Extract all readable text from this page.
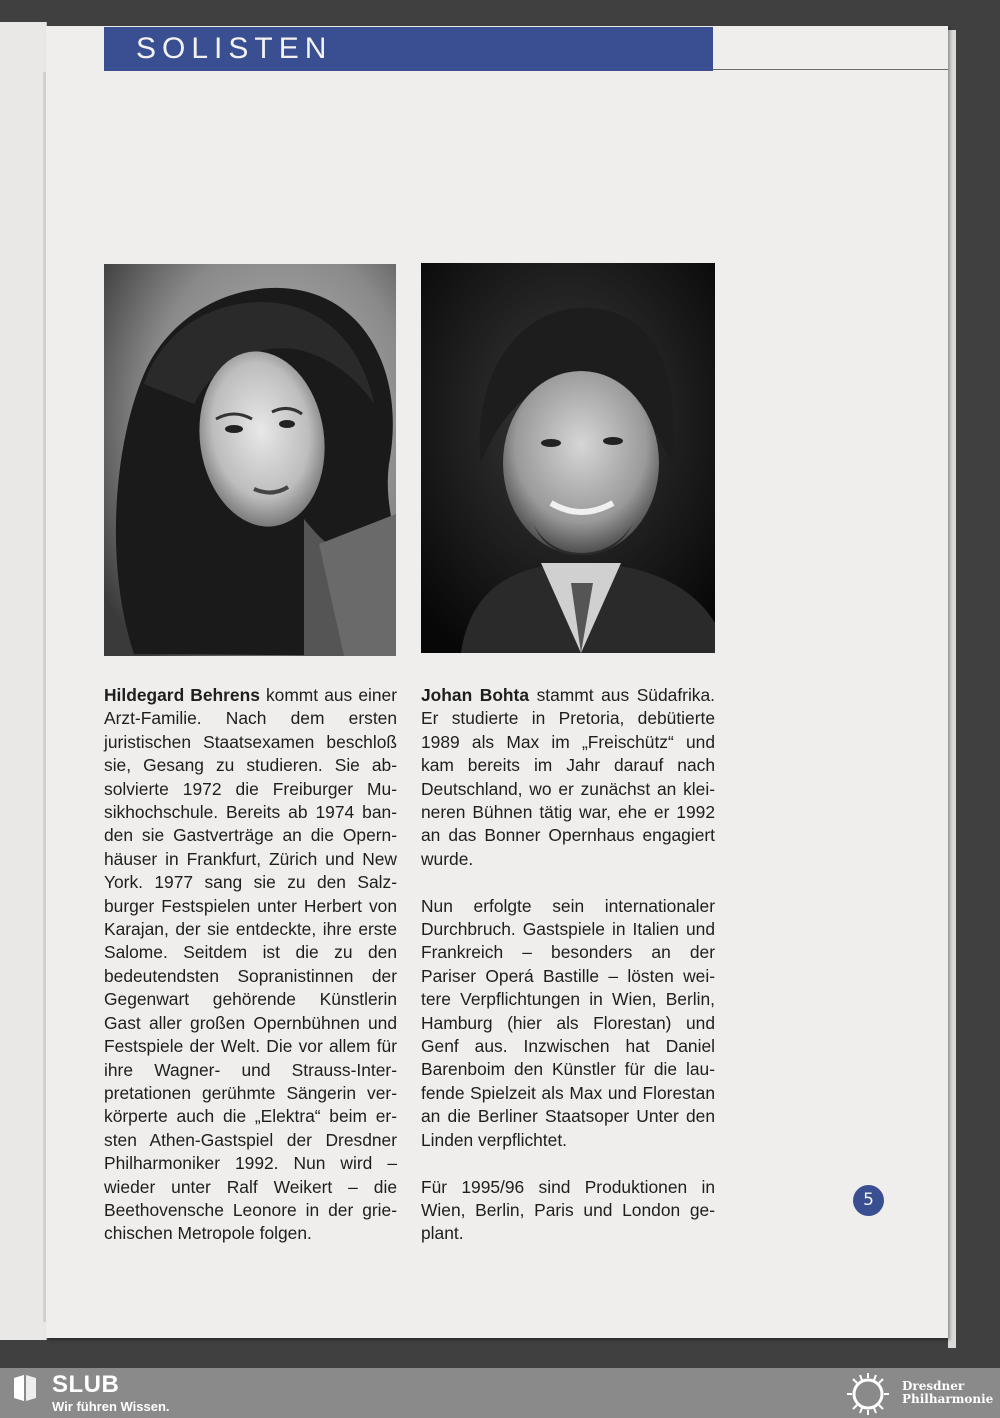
SOLISTEN

Hildegard Behrens kommt aus einer Arzt-Familie. Nach dem ersten juristischen Staatsexamen beschloß sie, Gesang zu studieren. Sie absolvierte 1972 die Freiburger Musikhochschule. Bereits ab 1974 banden sie Gastverträge an die Opernhäuser in Frankfurt, Zürich und New York. 1977 sang sie zu den Salzburger Festspielen unter Herbert von Karajan, der sie entdeckte, ihre erste Salome. Seitdem ist die zu den bedeutendsten Sopranistinnen der Gegenwart gehörende Künstlerin Gast aller großen Opernbühnen und Festspiele der Welt. Die vor allem für ihre Wagner- und Strauss-Interpretationen gerühmte Sängerin verkörperte auch die „Elektra“ beim ersten Athen-Gastspiel der Dresdner Philharmoniker 1992. Nun wird – wieder unter Ralf Weikert – die Beethovensche Leonore in der griechischen Metropole folgen.

Johan Bohta stammt aus Südafrika. Er studierte in Pretoria, debütierte 1989 als Max im „Freischütz“ und kam bereits im Jahr darauf nach Deutschland, wo er zunächst an kleineren Bühnen tätig war, ehe er 1992 an das Bonner Opernhaus engagiert wurde.

Nun erfolgte sein internationaler Durchbruch. Gastspiele in Italien und Frankreich – besonders an der Pariser Operá Bastille – lösten weitere Verpflichtungen in Wien, Berlin, Hamburg (hier als Florestan) und Genf aus. Inzwischen hat Daniel Barenboim den Künstler für die laufende Spielzeit als Max und Florestan an die Berliner Staatsoper Unter den Linden verpflichtet.

Für 1995/96 sind Produktionen in Wien, Berlin, Paris und London geplant.

5
SLUB
Wir führen Wissen.
Dresdner
Philharmonie
